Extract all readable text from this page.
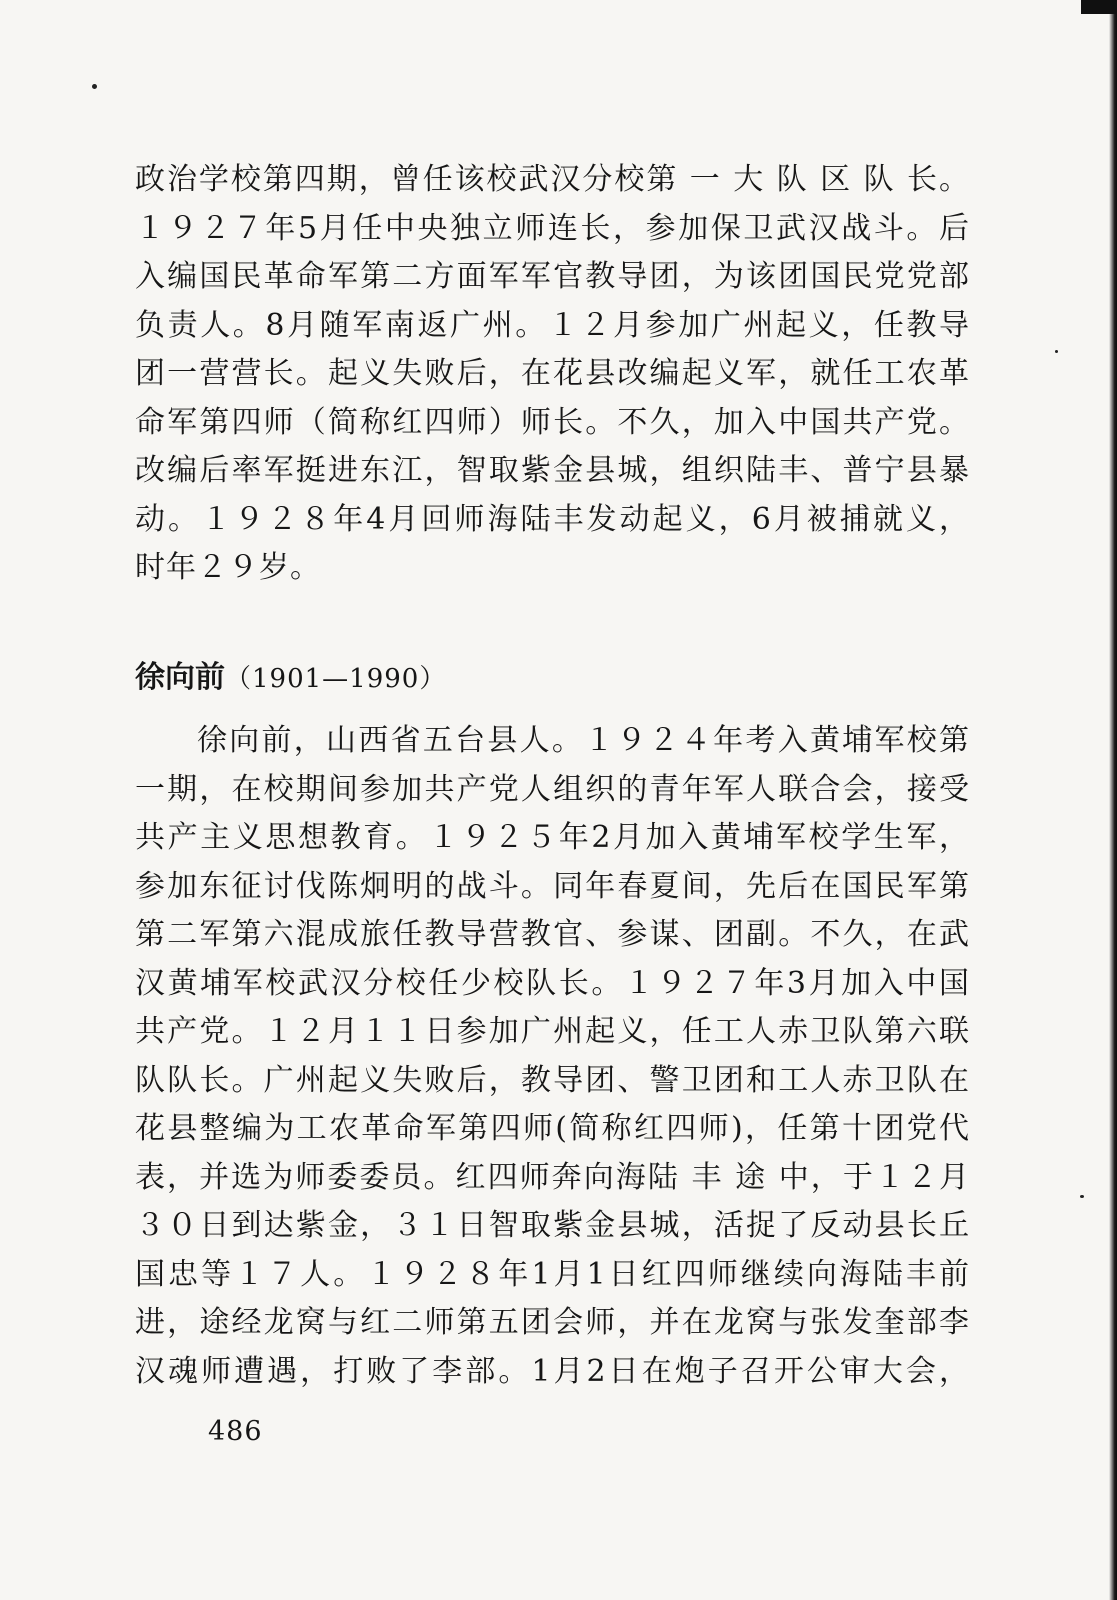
政治学校第四期，曾任该校武汉分校第 一 大 队 区 队 长。
１９２７年5月任中央独立师连长，参加保卫武汉战斗。后
入编国民革命军第二方面军军官教导团，为该团国民党党部
负责人。8月随军南返广州。１２月参加广州起义，任教导
团一营营长。起义失败后，在花县改编起义军，就任工农革
命军第四师（简称红四师）师长。不久，加入中国共产党。
改编后率军挺进东江，智取紫金县城，组织陆丰、普宁县暴
动。１９２８年4月回师海陆丰发动起义，6月被捕就义，
时年２９岁。
徐向前（1901—1990）
徐向前，山西省五台县人。１９２４年考入黄埔军校第
一期，在校期间参加共产党人组织的青年军人联合会，接受
共产主义思想教育。１９２５年2月加入黄埔军校学生军，
参加东征讨伐陈炯明的战斗。同年春夏间，先后在国民军第
第二军第六混成旅任教导营教官、参谋、团副。不久，在武
汉黄埔军校武汉分校任少校队长。１９２７年3月加入中国
共产党。１２月１１日参加广州起义，任工人赤卫队第六联
队队长。广州起义失败后，教导团、警卫团和工人赤卫队在
花县整编为工农革命军第四师(简称红四师)，任第十团党代
表，并选为师委委员。红四师奔向海陆 丰 途 中，于１２月
３０日到达紫金，３１日智取紫金县城，活捉了反动县长丘
国忠等１７人。１９２８年1月1日红四师继续向海陆丰前
进，途经龙窝与红二师第五团会师，并在龙窝与张发奎部李
汉魂师遭遇，打败了李部。1月2日在炮子召开公审大会，
486
